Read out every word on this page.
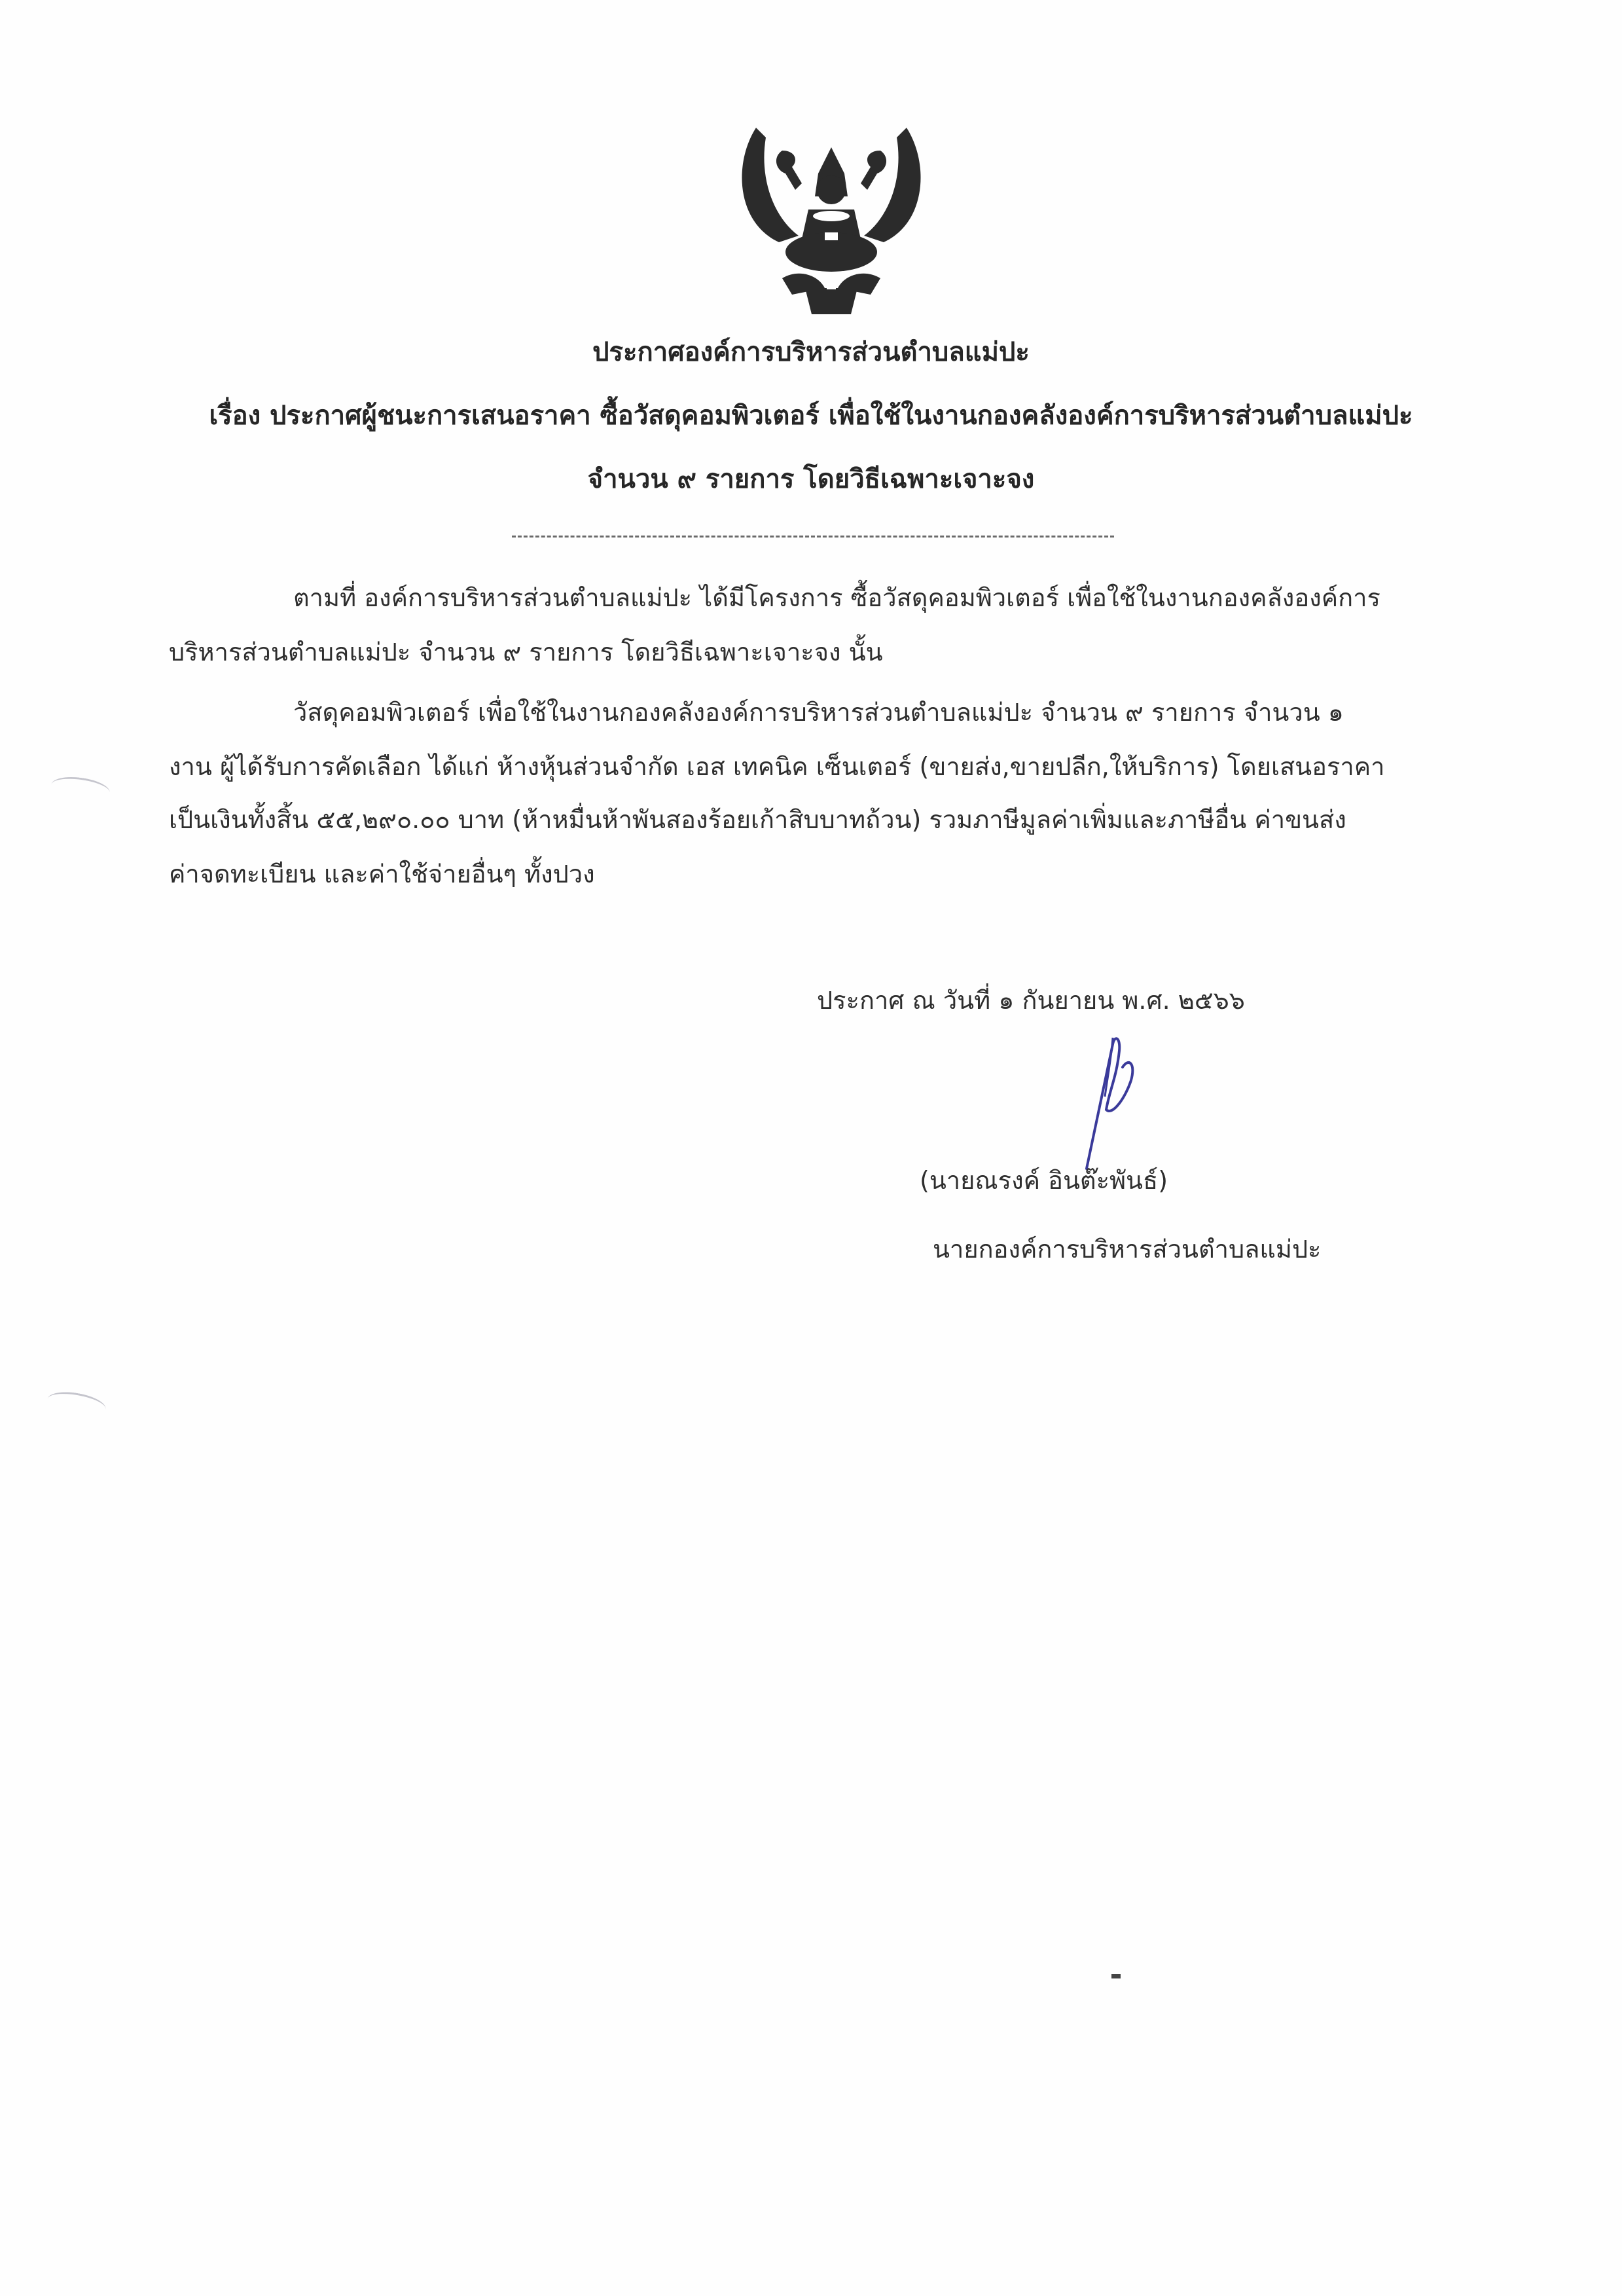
ประกาศองค์การบริหารส่วนตำบลแม่ปะ
เรื่อง ประกาศผู้ชนะการเสนอราคา ซื้อวัสดุคอมพิวเตอร์ เพื่อใช้ในงานกองคลังองค์การบริหารส่วนตำบลแม่ปะ
จำนวน ๙ รายการ โดยวิธีเฉพาะเจาะจง
ตามที่ องค์การบริหารส่วนตำบลแม่ปะ ได้มีโครงการ ซื้อวัสดุคอมพิวเตอร์ เพื่อใช้ในงานกองคลังองค์การ
บริหารส่วนตำบลแม่ปะ จำนวน ๙ รายการ โดยวิธีเฉพาะเจาะจง นั้น
วัสดุคอมพิวเตอร์ เพื่อใช้ในงานกองคลังองค์การบริหารส่วนตำบลแม่ปะ จำนวน ๙ รายการ จำนวน ๑
งาน ผู้ได้รับการคัดเลือก ได้แก่ ห้างหุ้นส่วนจำกัด เอส เทคนิค เซ็นเตอร์ (ขายส่ง,ขายปลีก,ให้บริการ) โดยเสนอราคา
เป็นเงินทั้งสิ้น ๕๕,๒๙๐.๐๐ บาท (ห้าหมื่นห้าพันสองร้อยเก้าสิบบาทถ้วน) รวมภาษีมูลค่าเพิ่มและภาษีอื่น ค่าขนส่ง
ค่าจดทะเบียน และค่าใช้จ่ายอื่นๆ ทั้งปวง
ประกาศ ณ วันที่ ๑ กันยายน พ.ศ. ๒๕๖๖
(นายณรงค์ อินต๊ะพันธ์)
นายกองค์การบริหารส่วนตำบลแม่ปะ
